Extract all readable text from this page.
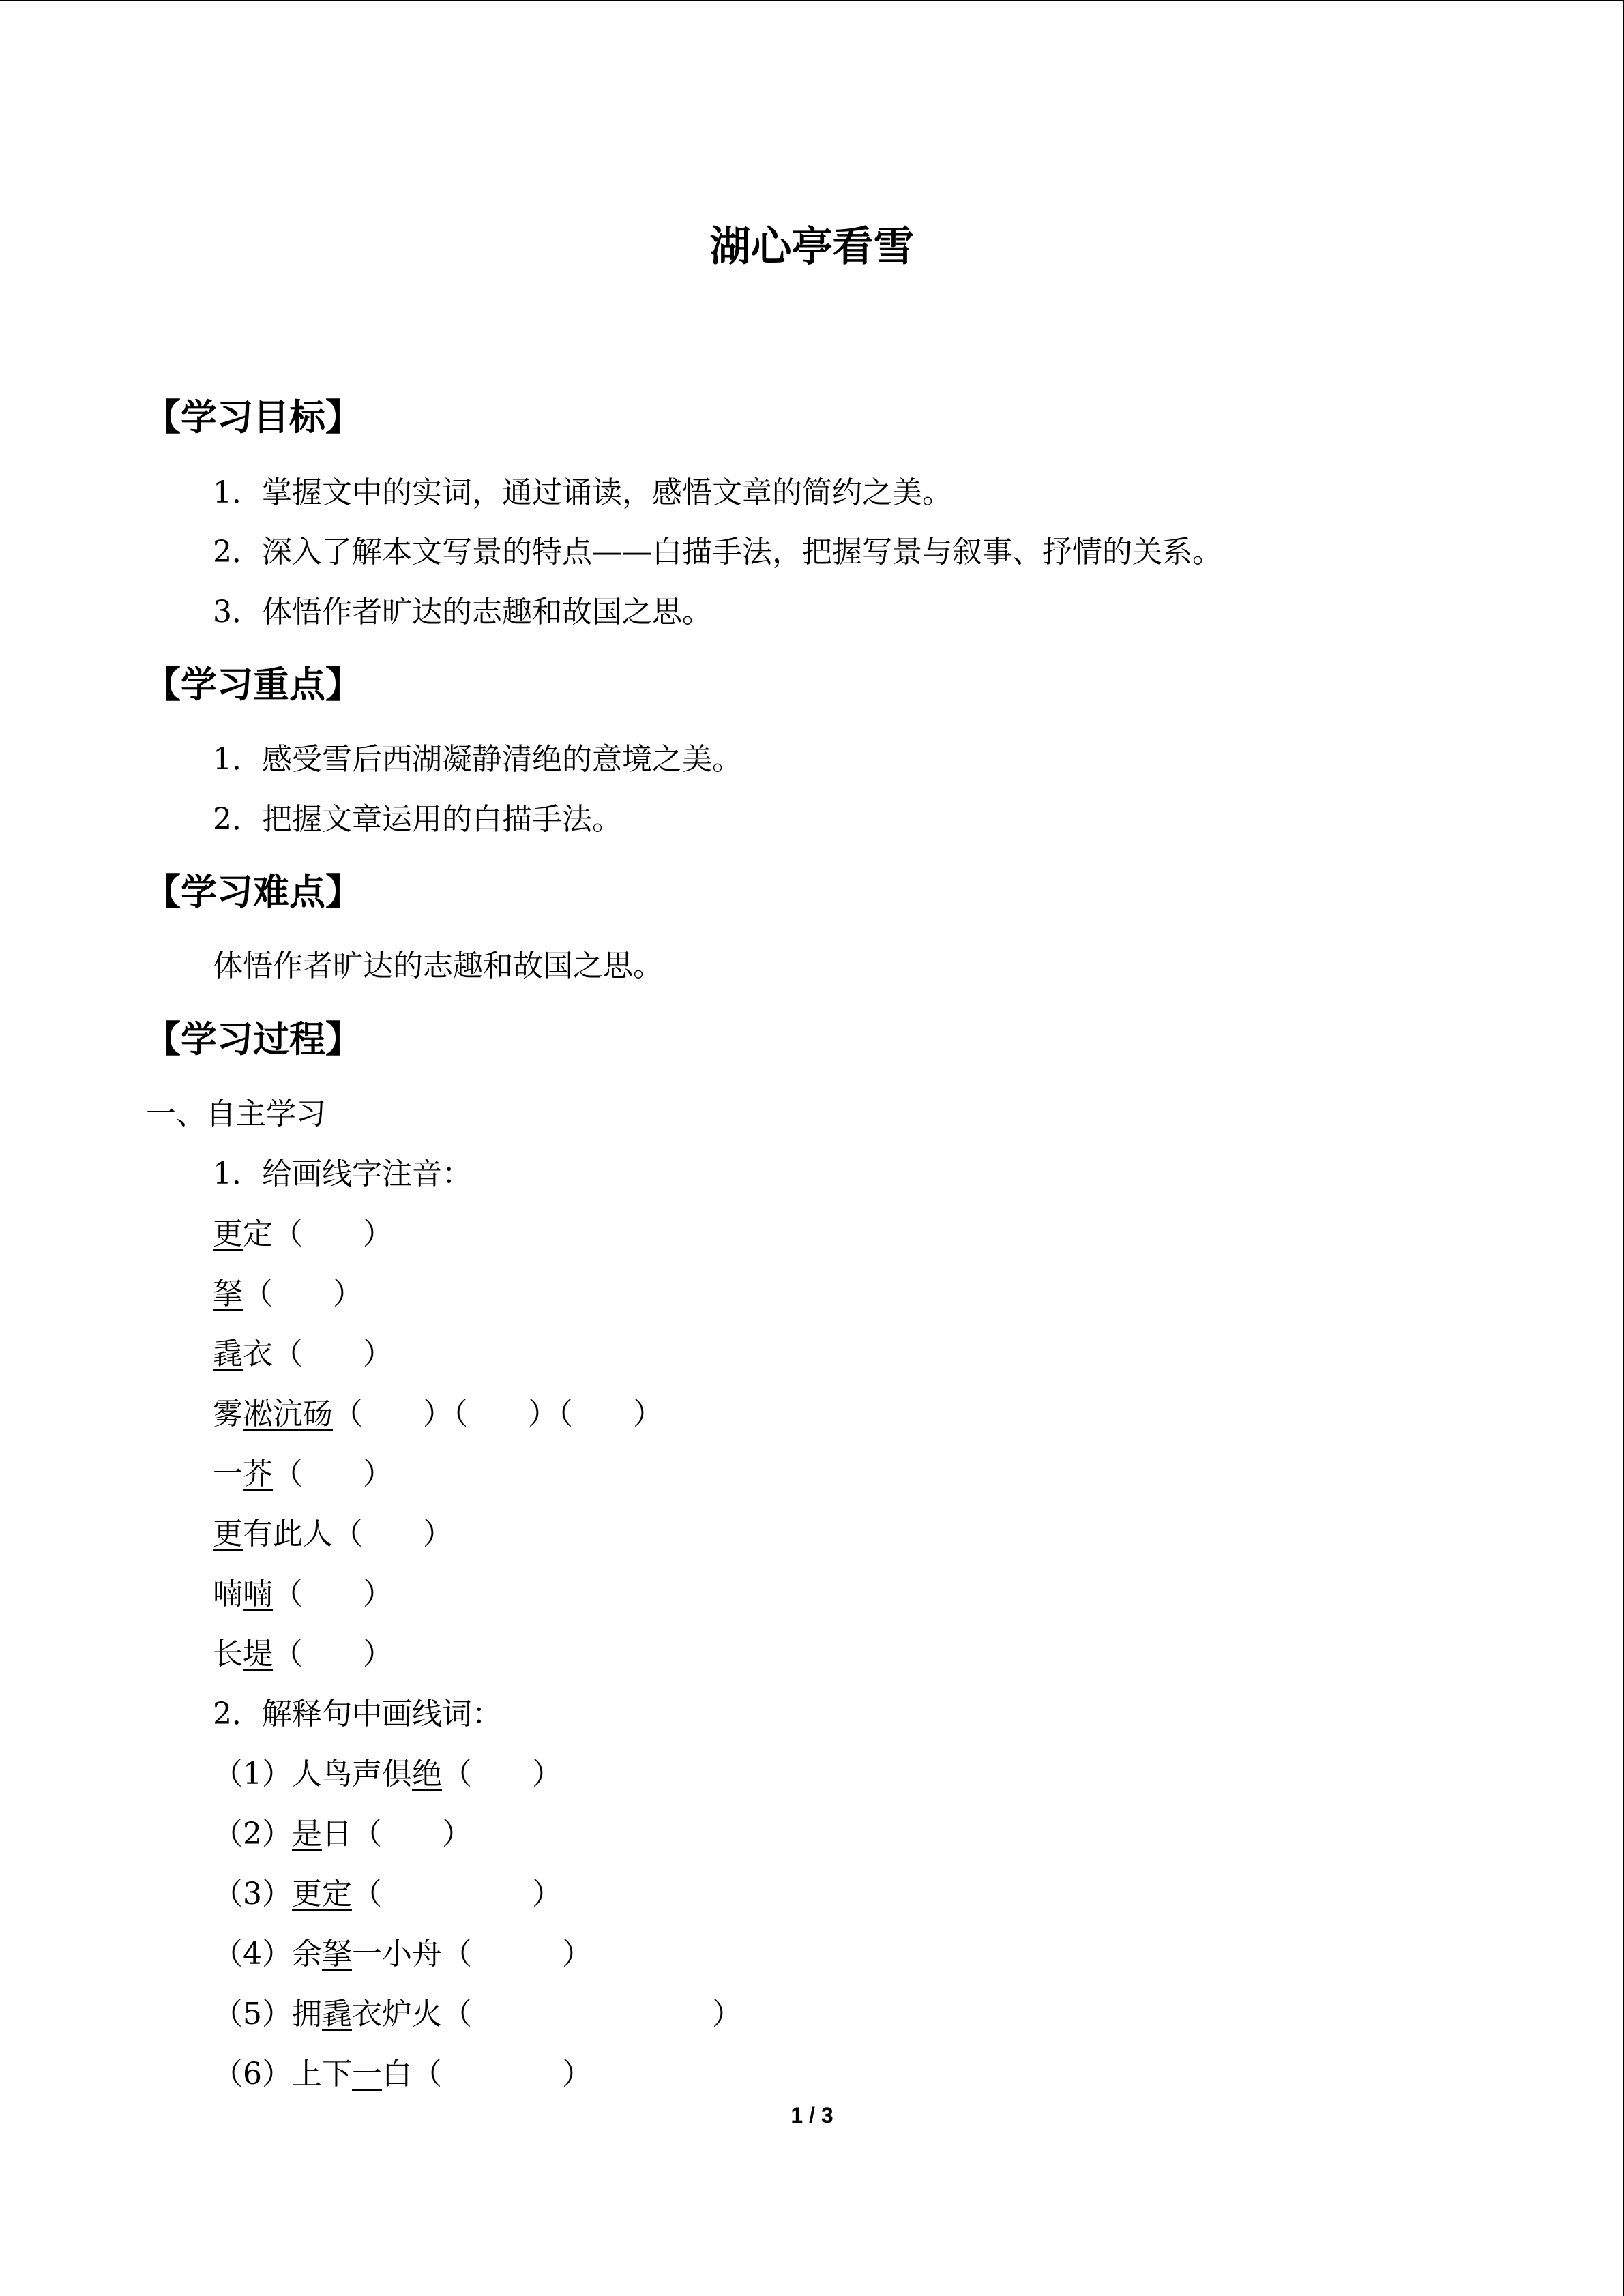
湖心亭看雪
【学习目标】
1．掌握文中的实词，通过诵读，感悟文章的简约之美。
2．深入了解本文写景的特点——白描手法，把握写景与叙事、抒情的关系。
3．体悟作者旷达的志趣和故国之思。
【学习重点】
1．感受雪后西湖凝静清绝的意境之美。
2．把握文章运用的白描手法。
【学习难点】
体悟作者旷达的志趣和故国之思。
【学习过程】
一、自主学习
1．给画线字注音：
更定（　　）
拏（　　）
毳衣（　　）
雾凇沆砀（　　）（　　）（　　）
一芥（　　）
更有此人（　　）
喃喃（　　）
长堤（　　）
2．解释句中画线词：
（1）人鸟声俱绝（　　）
（2）是日（　　）
（3）更定（　　　　　）
（4）余拏一小舟（　　　）
（5）拥毳衣炉火（　　　　　　　　）
（6）上下一白（　　　　）
1 / 3
